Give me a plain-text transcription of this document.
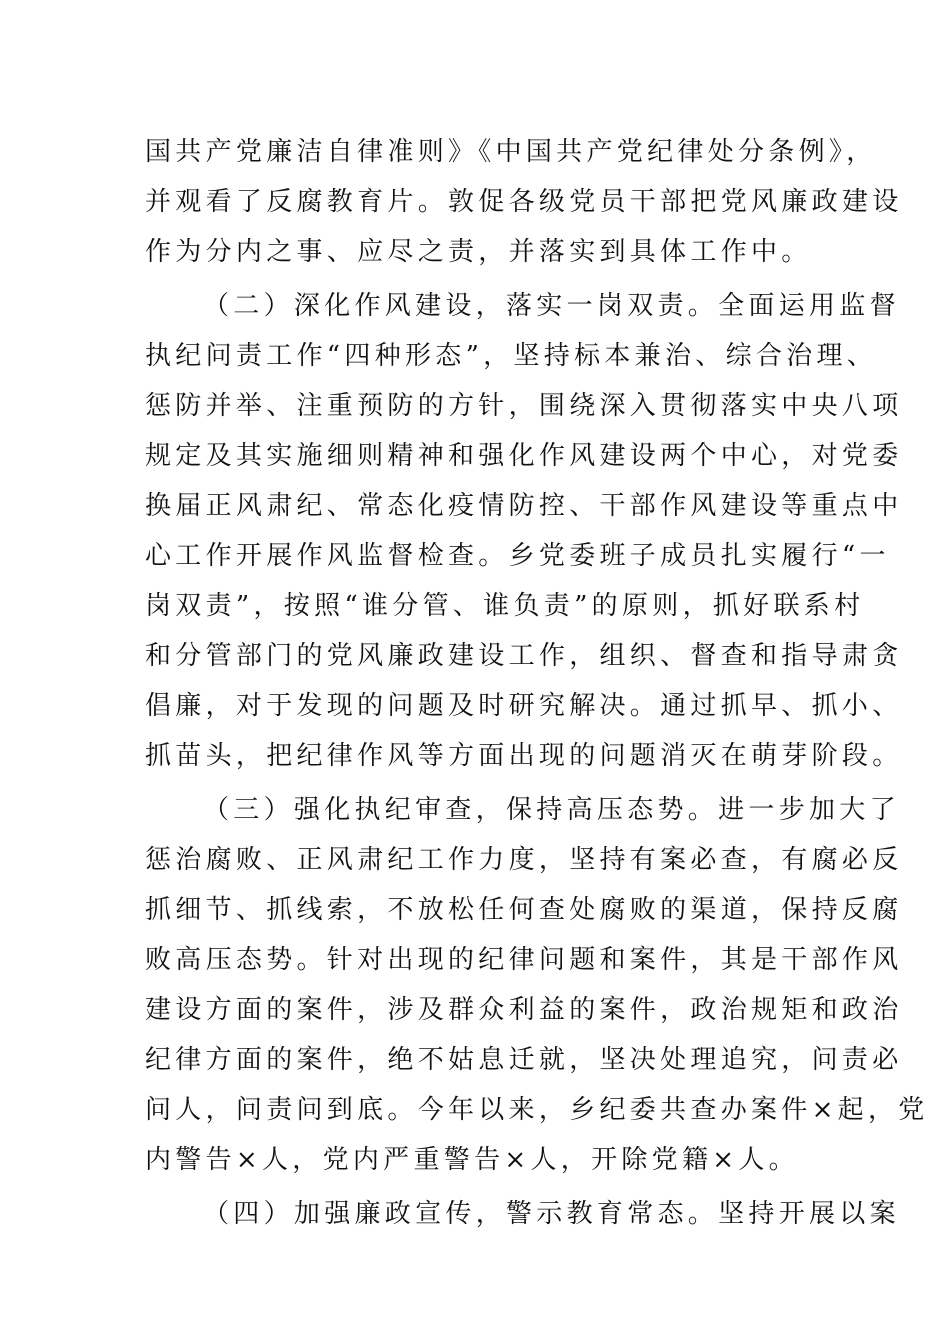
国共产党廉洁自律准则》《中国共产党纪律处分条例》，
并观看了反腐教育片。敦促各级党员干部把党风廉政建设
作为分内之事、应尽之责，并落实到具体工作中。
（二）深化作风建设，落实一岗双责。全面运用监督
执纪问责工作“四种形态”，坚持标本兼治、综合治理、
惩防并举、注重预防的方针，围绕深入贯彻落实中央八项
规定及其实施细则精神和强化作风建设两个中心，对党委
换届正风肃纪、常态化疫情防控、干部作风建设等重点中
心工作开展作风监督检查。乡党委班子成员扎实履行“一
岗双责”，按照“谁分管、谁负责”的原则，抓好联系村
和分管部门的党风廉政建设工作，组织、督查和指导肃贪
倡廉，对于发现的问题及时研究解决。通过抓早、抓小、
抓苗头，把纪律作风等方面出现的问题消灭在萌芽阶段。
（三）强化执纪审查，保持高压态势。进一步加大了
惩治腐败、正风肃纪工作力度，坚持有案必查，有腐必反
抓细节、抓线索，不放松任何查处腐败的渠道，保持反腐
败高压态势。针对出现的纪律问题和案件，其是干部作风
建设方面的案件，涉及群众利益的案件，政治规矩和政治
纪律方面的案件，绝不姑息迁就，坚决处理追究，问责必
问人，问责问到底。今年以来，乡纪委共查办案件×起，党
内警告×人，党内严重警告×人，开除党籍×人。
（四）加强廉政宣传，警示教育常态。坚持开展以案
